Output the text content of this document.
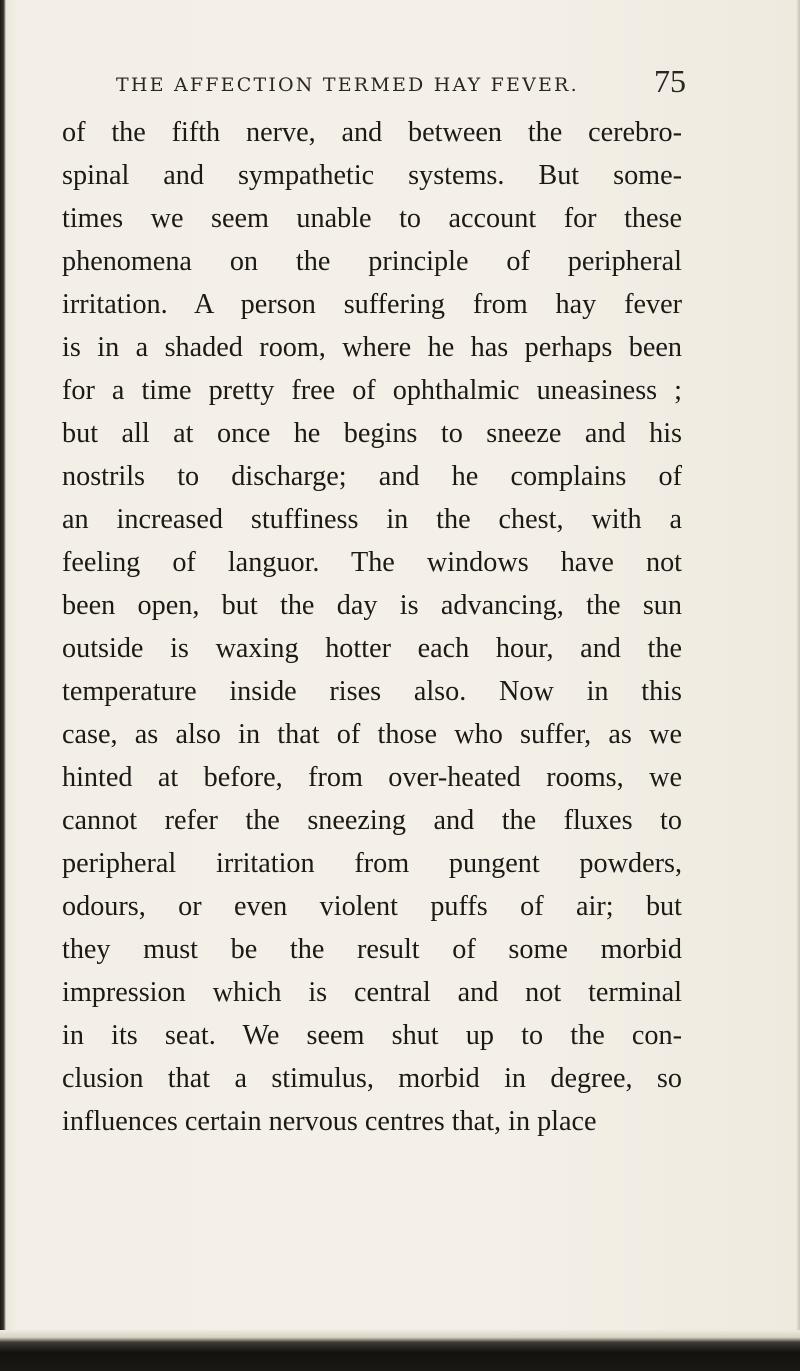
THE AFFECTION TERMED HAY FEVER. 75
of the fifth nerve, and between the cerebro-
spinal and sympathetic systems. But some-
times we seem unable to account for these
phenomena on the principle of peripheral
irritation. A person suffering from hay fever
is in a shaded room, where he has perhaps been
for a time pretty free of ophthalmic uneasiness ;
but all at once he begins to sneeze and his
nostrils to discharge; and he complains of
an increased stuffiness in the chest, with a
feeling of languor. The windows have not
been open, but the day is advancing, the sun
outside is waxing hotter each hour, and the
temperature inside rises also. Now in this
case, as also in that of those who suffer, as we
hinted at before, from over-heated rooms, we
cannot refer the sneezing and the fluxes to
peripheral irritation from pungent powders,
odours, or even violent puffs of air; but
they must be the result of some morbid
impression which is central and not terminal
in its seat. We seem shut up to the con-
clusion that a stimulus, morbid in degree, so
influences certain nervous centres that, in place
